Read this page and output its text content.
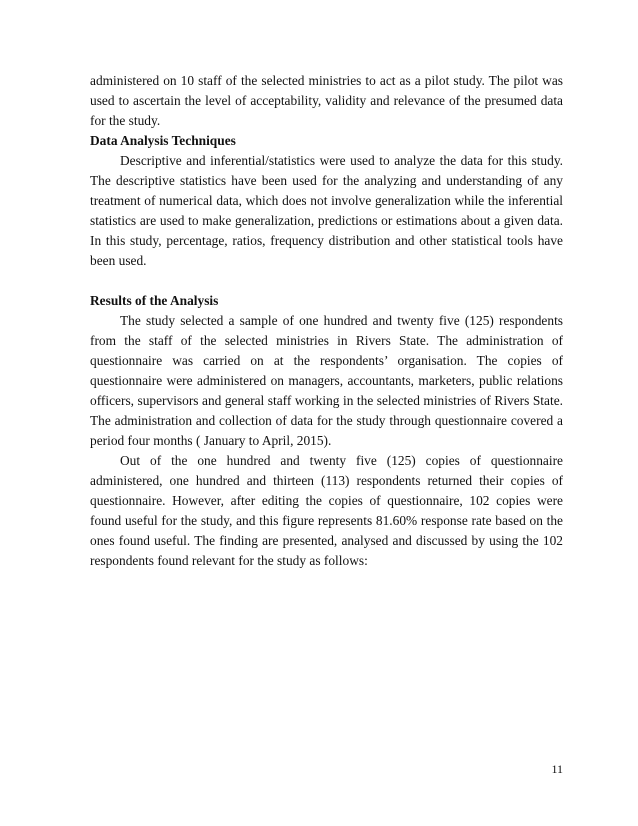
administered on 10 staff of the selected ministries to act as a pilot study. The pilot was used to ascertain the level of acceptability, validity and relevance of the presumed data for the study.

Data Analysis Techniques

Descriptive and inferential/statistics were used to analyze the data for this study. The descriptive statistics have been used for the analyzing and understanding of any treatment of numerical data, which does not involve generalization while the inferential statistics are used to make generalization, predictions or estimations about a given data. In this study, percentage, ratios, frequency distribution and other statistical tools have been used.

Results of the Analysis

The study selected a sample of one hundred and twenty five (125) respondents from the staff of the selected ministries in Rivers State. The administration of questionnaire was carried on at the respondents’ organisation. The copies of questionnaire were administered on managers, accountants, marketers, public relations officers, supervisors and general staff working in the selected ministries of Rivers State. The administration and collection of data for the study through questionnaire covered a period four months ( January to April, 2015).

Out of the one hundred and twenty five (125) copies of questionnaire administered, one hundred and thirteen (113) respondents returned their copies of questionnaire. However, after editing the copies of questionnaire, 102 copies were found useful for the study, and this figure represents 81.60% response rate based on the ones found useful. The finding are presented, analysed and discussed by using the 102 respondents found relevant for the study as follows:

11
